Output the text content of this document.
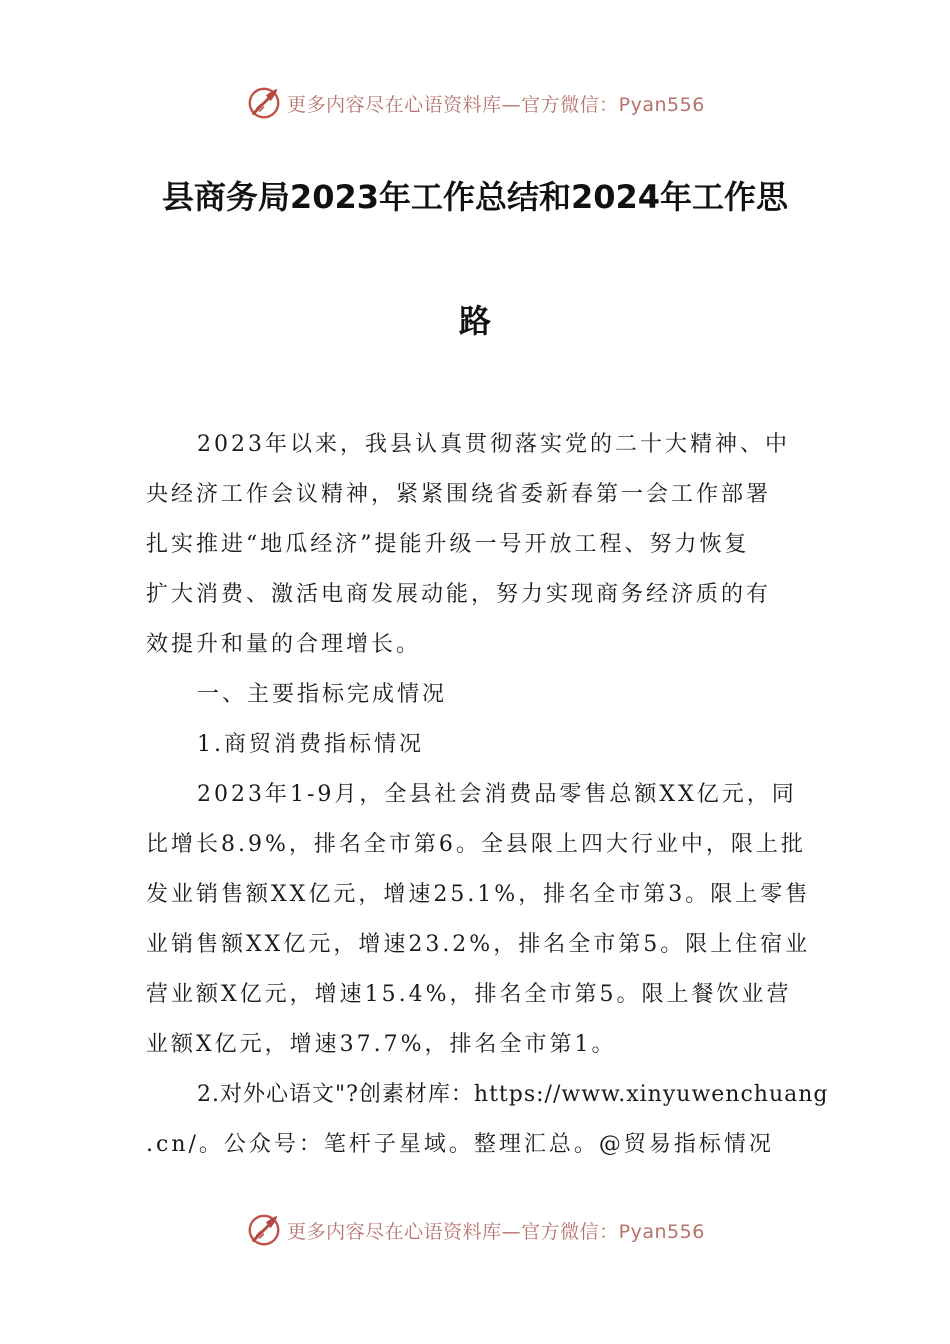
更多内容尽在心语资料库—官方微信：Pyan556
县商务局2023年工作总结和2024年工作思
路
2023年以来，我县认真贯彻落实党的二十大精神、中
央经济工作会议精神，紧紧围绕省委新春第一会工作部署
扎实推进“地瓜经济”提能升级一号开放工程、努力恢复
扩大消费、激活电商发展动能，努力实现商务经济质的有
效提升和量的合理增长。
一、主要指标完成情况
1.商贸消费指标情况
2023年1-9月，全县社会消费品零售总额XX亿元，同
比增长8.9%，排名全市第6。全县限上四大行业中，限上批
发业销售额XX亿元，增速25.1%，排名全市第3。限上零售
业销售额XX亿元，增速23.2%，排名全市第5。限上住宿业
营业额X亿元，增速15.4%，排名全市第5。限上餐饮业营
业额X亿元，增速37.7%，排名全市第1。
2.对外心语文"?创素材库：https://www.xinyuwenchuang
.cn/。公众号：笔杆子星域。整理汇总。@贸易指标情况
更多内容尽在心语资料库—官方微信：Pyan556
